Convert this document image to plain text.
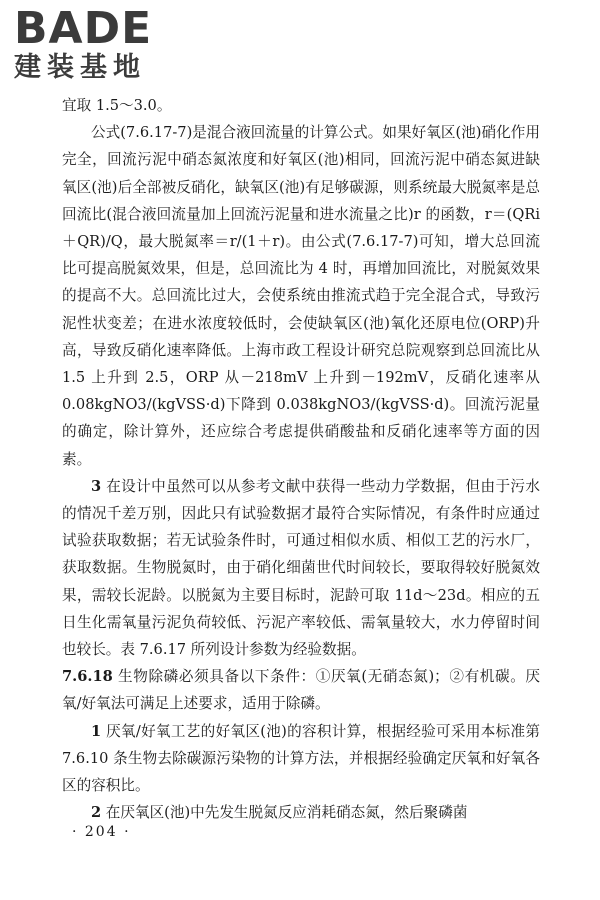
BADE
建装基地

宜取 1.5～3.0。

公式(7.6.17-7)是混合液回流量的计算公式。如果好氧区(池)硝化作用完全，回流污泥中硝态氮浓度和好氧区(池)相同，回流污泥中硝态氮进缺氧区(池)后全部被反硝化，缺氧区(池)有足够碳源，则系统最大脱氮率是总回流比(混合液回流量加上回流污泥量和进水流量之比)r 的函数，r＝(QRi＋QR)/Q，最大脱氮率＝r/(1＋r)。由公式(7.6.17-7)可知，增大总回流比可提高脱氮效果，但是，总回流比为 4 时，再增加回流比，对脱氮效果的提高不大。总回流比过大，会使系统由推流式趋于完全混合式，导致污泥性状变差；在进水浓度较低时，会使缺氧区(池)氧化还原电位(ORP)升高，导致反硝化速率降低。上海市政工程设计研究总院观察到总回流比从 1.5 上升到 2.5，ORP 从－218mV 上升到－192mV，反硝化速率从 0.08kgNO3/(kgVSS·d)下降到 0.038kgNO3/(kgVSS·d)。回流污泥量的确定，除计算外，还应综合考虑提供硝酸盐和反硝化速率等方面的因素。

3 在设计中虽然可以从参考文献中获得一些动力学数据，但由于污水的情况千差万别，因此只有试验数据才最符合实际情况，有条件时应通过试验获取数据；若无试验条件时，可通过相似水质、相似工艺的污水厂，获取数据。生物脱氮时，由于硝化细菌世代时间较长，要取得较好脱氮效果，需较长泥龄。以脱氮为主要目标时，泥龄可取 11d～23d。相应的五日生化需氧量污泥负荷较低、污泥产率较低、需氧量较大，水力停留时间也较长。表 7.6.17 所列设计参数为经验数据。

7.6.18 生物除磷必须具备以下条件：①厌氧(无硝态氮)；②有机碳。厌氧/好氧法可满足上述要求，适用于除磷。

1 厌氧/好氧工艺的好氧区(池)的容积计算，根据经验可采用本标准第 7.6.10 条生物去除碳源污染物的计算方法，并根据经验确定厌氧和好氧各区的容积比。

2 在厌氧区(池)中先发生脱氮反应消耗硝态氮，然后聚磷菌

· 204 ·
